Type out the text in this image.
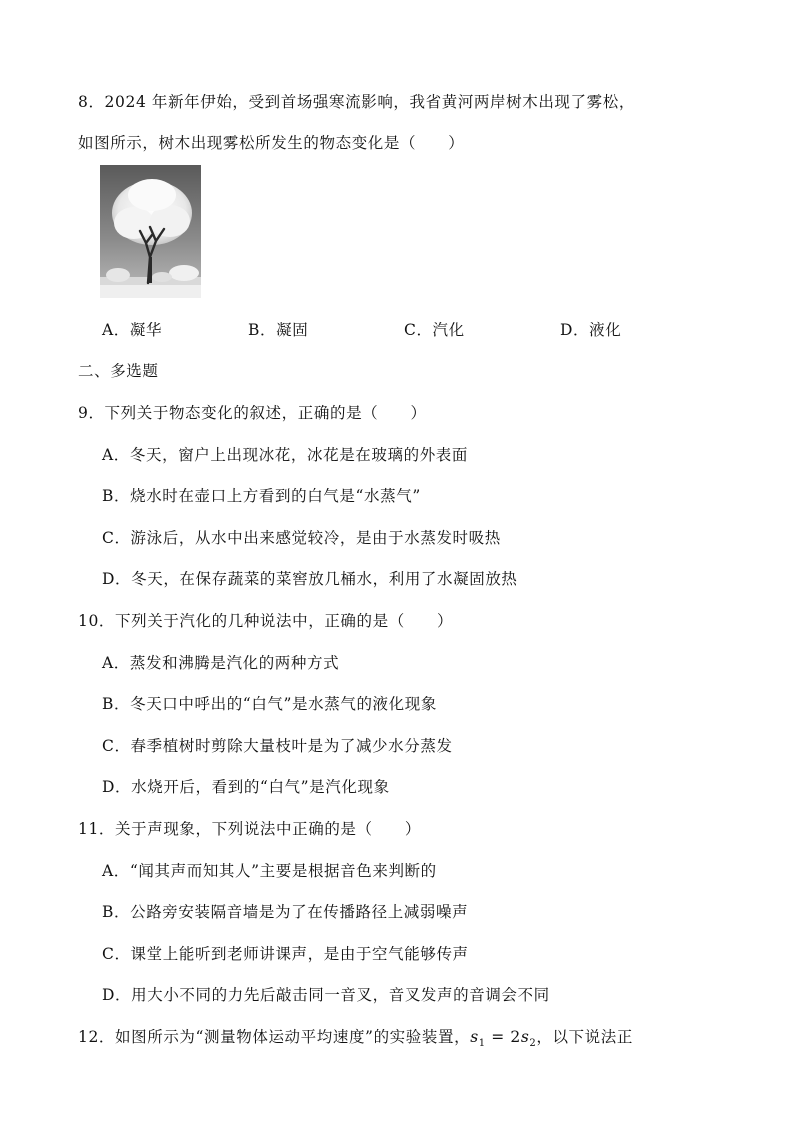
8．2024 年新年伊始，受到首场强寒流影响，我省黄河两岸树木出现了雾松，
如图所示，树木出现雾松所发生的物态变化是（　　）
A．凝华	B．凝固	C．汽化	D．液化
二、多选题
9．下列关于物态变化的叙述，正确的是（　　）
A．冬天，窗户上出现冰花，冰花是在玻璃的外表面
B．烧水时在壶口上方看到的白气是“水蒸气”
C．游泳后，从水中出来感觉较冷，是由于水蒸发时吸热
D．冬天，在保存蔬菜的菜窖放几桶水，利用了水凝固放热
10．下列关于汽化的几种说法中，正确的是（　　）
A．蒸发和沸腾是汽化的两种方式
B．冬天口中呼出的“白气”是水蒸气的液化现象
C．春季植树时剪除大量枝叶是为了减少水分蒸发
D．水烧开后，看到的“白气”是汽化现象
11．关于声现象，下列说法中正确的是（　　）
A．“闻其声而知其人”主要是根据音色来判断的
B．公路旁安装隔音墙是为了在传播路径上减弱噪声
C．课堂上能听到老师讲课声，是由于空气能够传声
D．用大小不同的力先后敲击同一音叉，音叉发声的音调会不同
12．如图所示为“测量物体运动平均速度”的实验装置，$s_1 = 2s_2$，以下说法正
